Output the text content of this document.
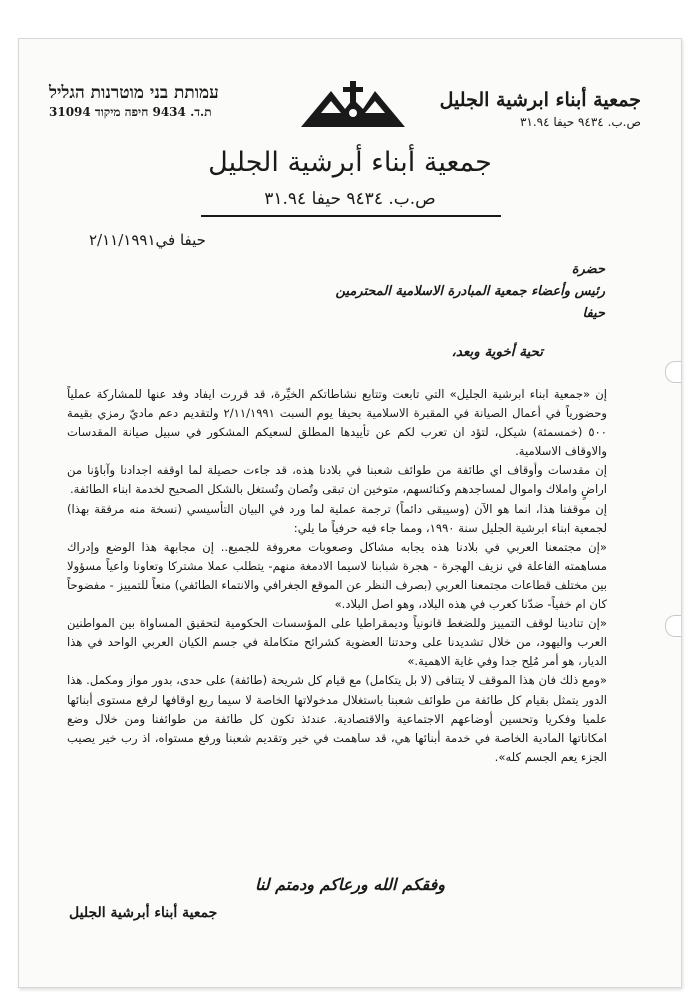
جمعية أبناء ابرشية الجليل
ص.ب. ٩٤٣٤ حيفا ٣١.٩٤
עמותת בני מוטרנות הגליל
ת.ד. 9434 חיפה מיקוד 31094
جمعية أبناء أبرشية الجليل
ص.ب. ٩٤٣٤ حيفا ٣١.٩٤
حيفا في٢/١١/١٩٩١
حضرة
رئيس وأعضاء جمعية المبادرة الاسلامية المحترمين
حيفا
تحية أخوية وبعد،

إن «جمعية ابناء ابرشية الجليل» التي تابعت وتتابع نشاطاتكم الخيِّرة، قد قررت ايفاد وفد عنها للمشاركة عملياً وحضورياً في أعمال الصيانة في المقبرة الاسلامية بحيفا يوم السبت ٢/١١/١٩٩١ ولتقديم دعم ماديّ رمزي بقيمة ٥٠٠ (خمسمئة) شيكل، لتؤد ان تعرب لكم عن تأييدها المطلق لسعيكم المشكور في سبيل صيانة المقدسات والاوقاف الاسلامية.

إن مقدسات وأوقاف اي طائفة من طوائف شعبنا في بلادنا هذه، قد جاءت حصيلة لما اوقفه اجدادنا وآباؤنا من اراضٍ واملاك واموال لمساجدهم وكنائسهم، متوخين ان تبقى وتُصان وتُستغل بالشكل الصحيح لخدمة ابناء الطائفة.

إن موقفنا هذا، انما هو الآن (وسيبقى دائماً) ترجمة عملية لما ورد في البيان التأسيسي (نسخة منه مرفقة بهذا) لجمعية ابناء ابرشية الجليل سنة ١٩٩٠، ومما جاء فيه حرفياً ما يلي:

«إن مجتمعنا العربي في بلادنا هذه يجابه مشاكل وصعوبات معروفة للجميع.. إن مجابهة هذا الوضع وإدراك مساهمته الفاعلة في نزيف الهجرة - هجرة شبابنا لاسيما الادمغة منهم- يتطلب عملا مشتركا وتعاونا واعياً مسؤولا بين مختلف قطاعات مجتمعنا العربي (بصرف النظر عن الموقع الجغرافي والانتماء الطائفي) منعاً للتمييز - مفضوحاً كان ام خفياً- ضدّنا كعرب في هذه البلاد، وهو اصل البلاد.»

«إن تنادينا لوقف التمييز وللضغط قانونياً وديمقراطيا على المؤسسات الحكومية لتحقيق المساواة بين المواطنين العرب واليهود، من خلال تشديدنا على وحدتنا العضوية كشرائح متكاملة في جسم الكيان العربي الواحد في هذا الديار، هو أمر مُلِح جدا وفي غاية الاهمية.»

«ومع ذلك فان هذا الموقف لا يتنافى (لا بل يتكامل) مع قيام كل شريحة (طائفة) على حدى، بدور مواز ومكمل. هذا الدور يتمثل بقيام كل طائفة من طوائف شعبنا باستغلال مدخولاتها الخاصة لا سيما ريع اوقافها لرفع مستوى أبنائها علميا وفكريا وتحسين أوضاعهم الاجتماعية والاقتصادية. عندئذ تكون كل طائفة من طوائفنا ومن خلال وضع امكاناتها المادية الخاصة في خدمة أبنائها هي، قد ساهمت في خير وتقديم شعبنا ورفع مستواه، اذ رب خير يصيب الجزء يعم الجسم كله».

وفقكم الله ورعاكم ودمتم لنا
جمعية أبناء أبرشية الجليل
